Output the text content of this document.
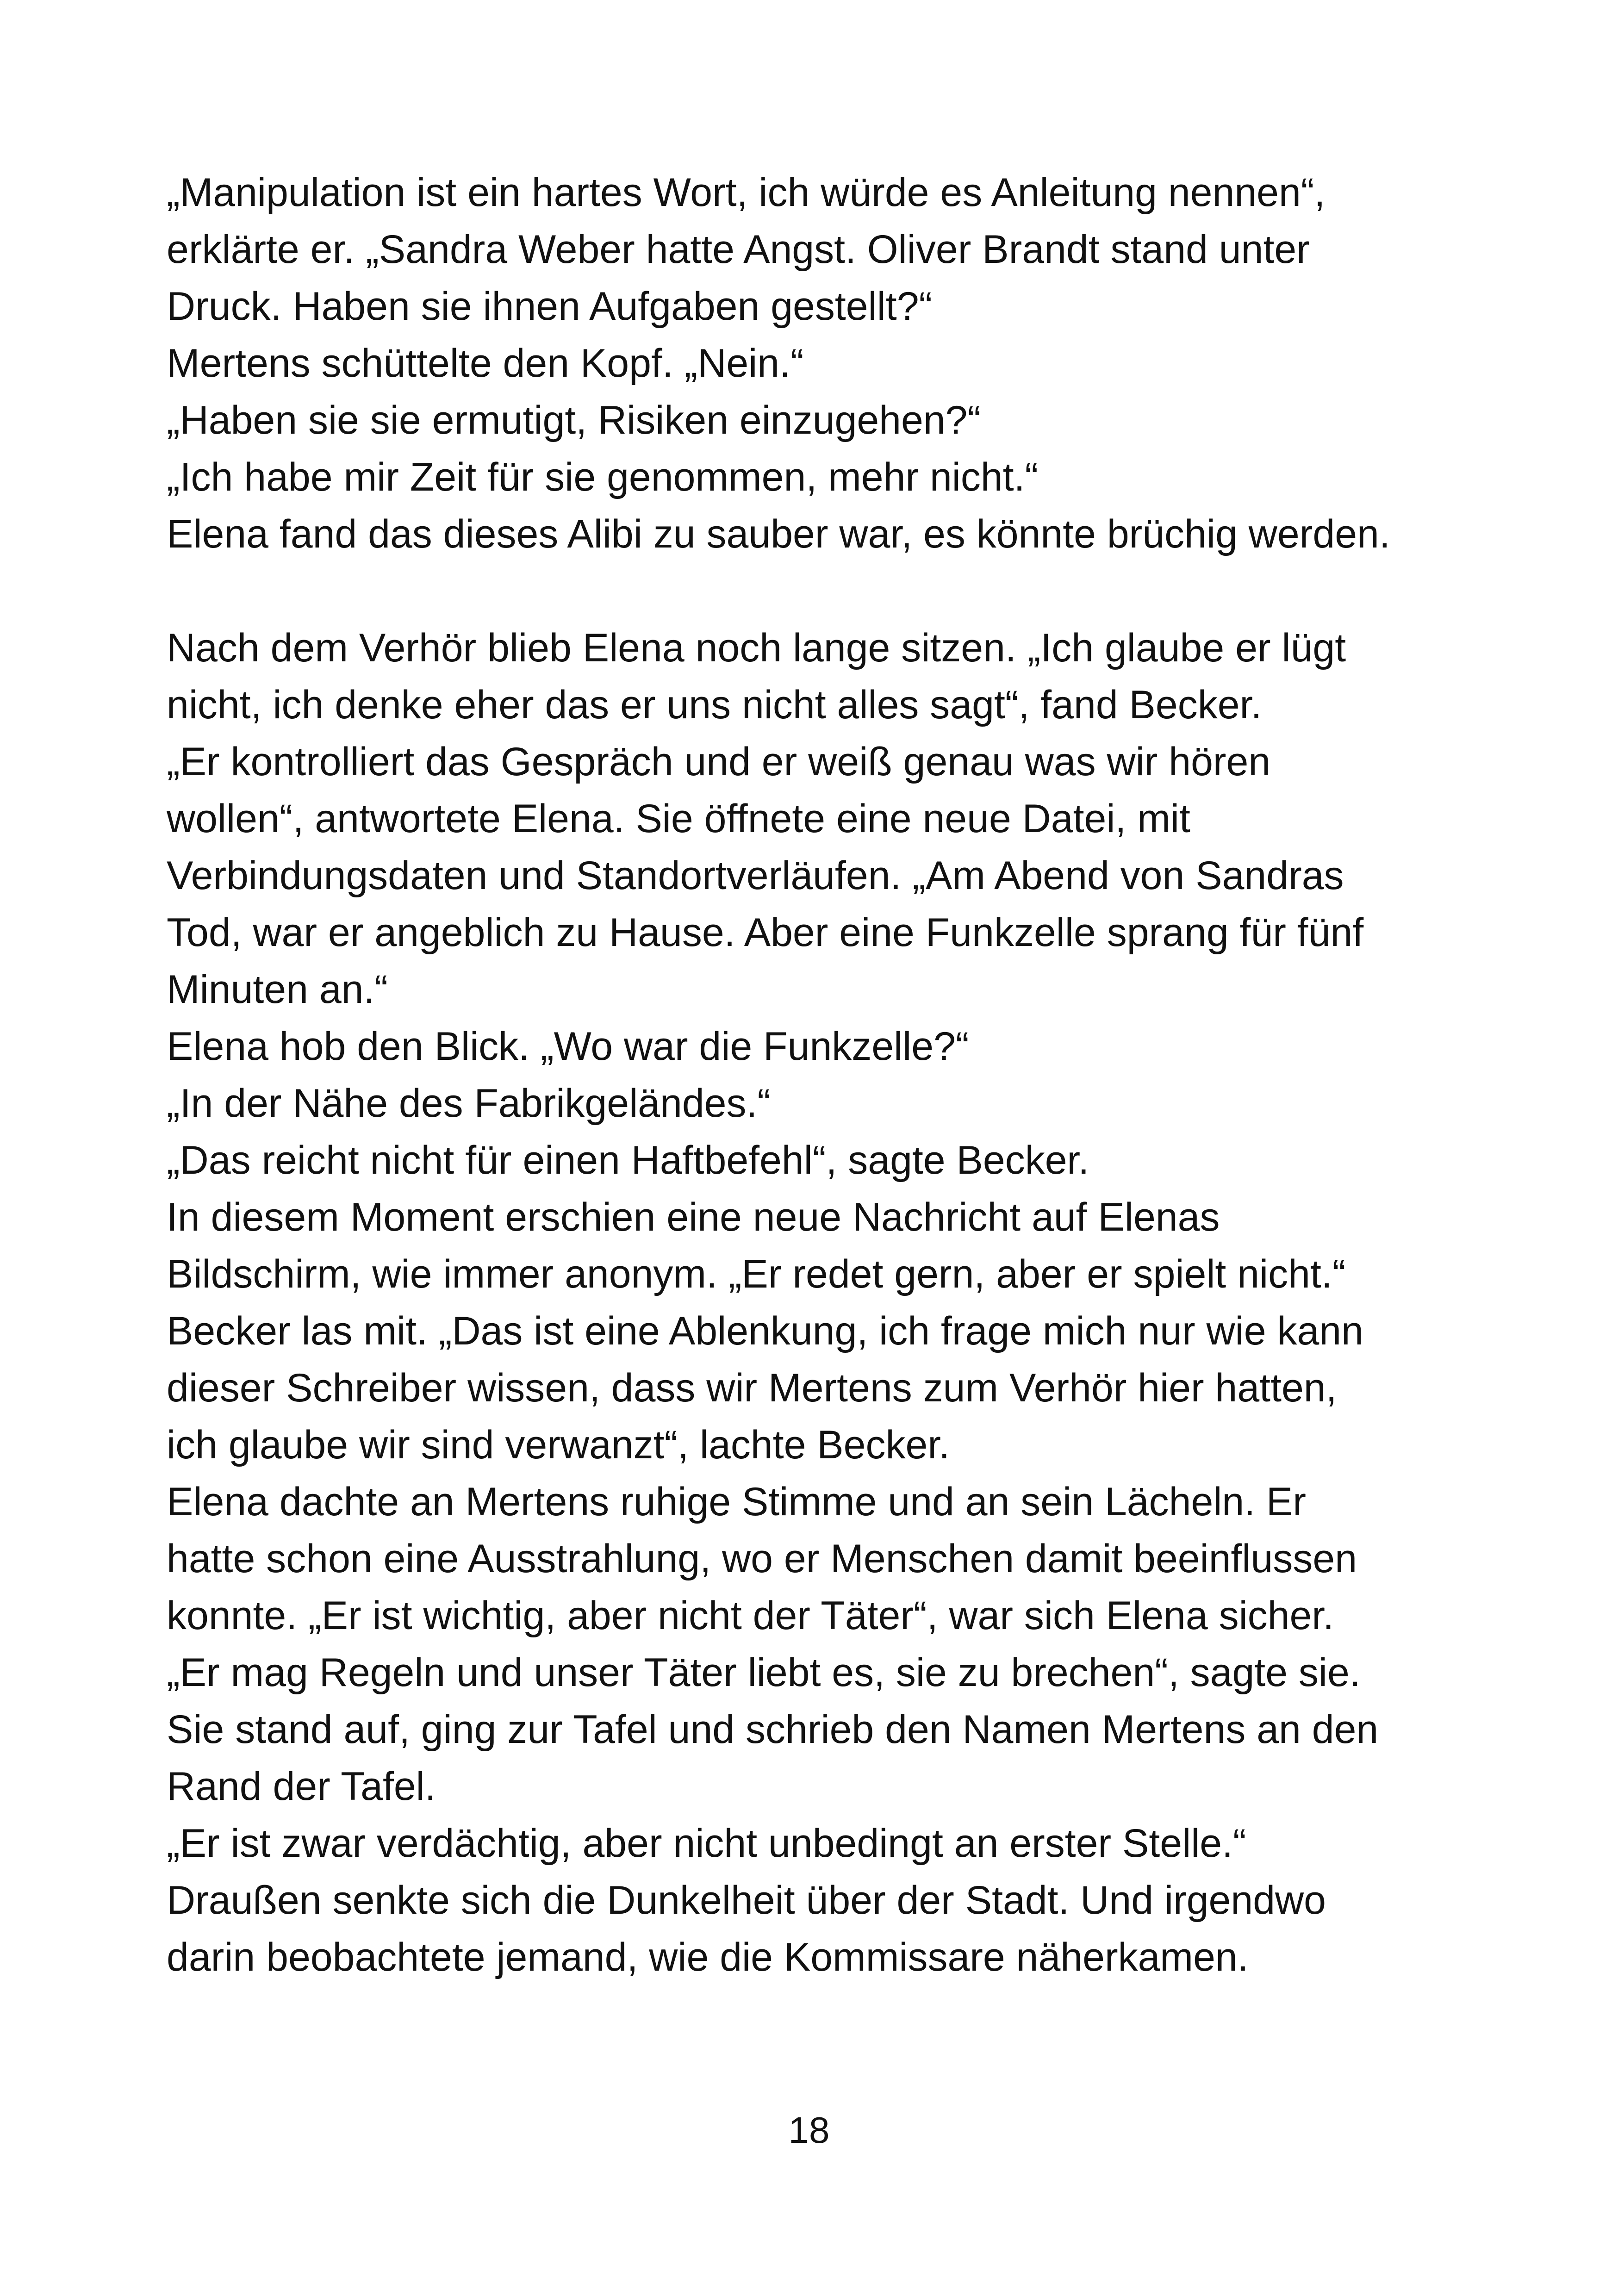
„Manipulation ist ein hartes Wort, ich würde es Anleitung nennen“,
erklärte er. „Sandra Weber hatte Angst. Oliver Brandt stand unter
Druck. Haben sie ihnen Aufgaben gestellt?“
Mertens schüttelte den Kopf. „Nein.“
„Haben sie sie ermutigt, Risiken einzugehen?“
„Ich habe mir Zeit für sie genommen, mehr nicht.“
Elena fand das dieses Alibi zu sauber war, es könnte brüchig werden.
Nach dem Verhör blieb Elena noch lange sitzen. „Ich glaube er lügt
nicht, ich denke eher das er uns nicht alles sagt“, fand Becker.
„Er kontrolliert das Gespräch und er weiß genau was wir hören
wollen“, antwortete Elena. Sie öffnete eine neue Datei, mit
Verbindungsdaten und Standortverläufen. „Am Abend von Sandras
Tod, war er angeblich zu Hause. Aber eine Funkzelle sprang für fünf
Minuten an.“
Elena hob den Blick. „Wo war die Funkzelle?“
„In der Nähe des Fabrikgeländes.“
„Das reicht nicht für einen Haftbefehl“, sagte Becker.
In diesem Moment erschien eine neue Nachricht auf Elenas
Bildschirm, wie immer anonym. „Er redet gern, aber er spielt nicht.“
Becker las mit. „Das ist eine Ablenkung, ich frage mich nur wie kann
dieser Schreiber wissen, dass wir Mertens zum Verhör hier hatten,
ich glaube wir sind verwanzt“, lachte Becker.
Elena dachte an Mertens ruhige Stimme und an sein Lächeln. Er
hatte schon eine Ausstrahlung, wo er Menschen damit beeinflussen
konnte. „Er ist wichtig, aber nicht der Täter“, war sich Elena sicher.
„Er mag Regeln und unser Täter liebt es, sie zu brechen“, sagte sie.
Sie stand auf, ging zur Tafel und schrieb den Namen Mertens an den
Rand der Tafel.
„Er ist zwar verdächtig, aber nicht unbedingt an erster Stelle.“
Draußen senkte sich die Dunkelheit über der Stadt. Und irgendwo
darin beobachtete jemand, wie die Kommissare näherkamen.
18
